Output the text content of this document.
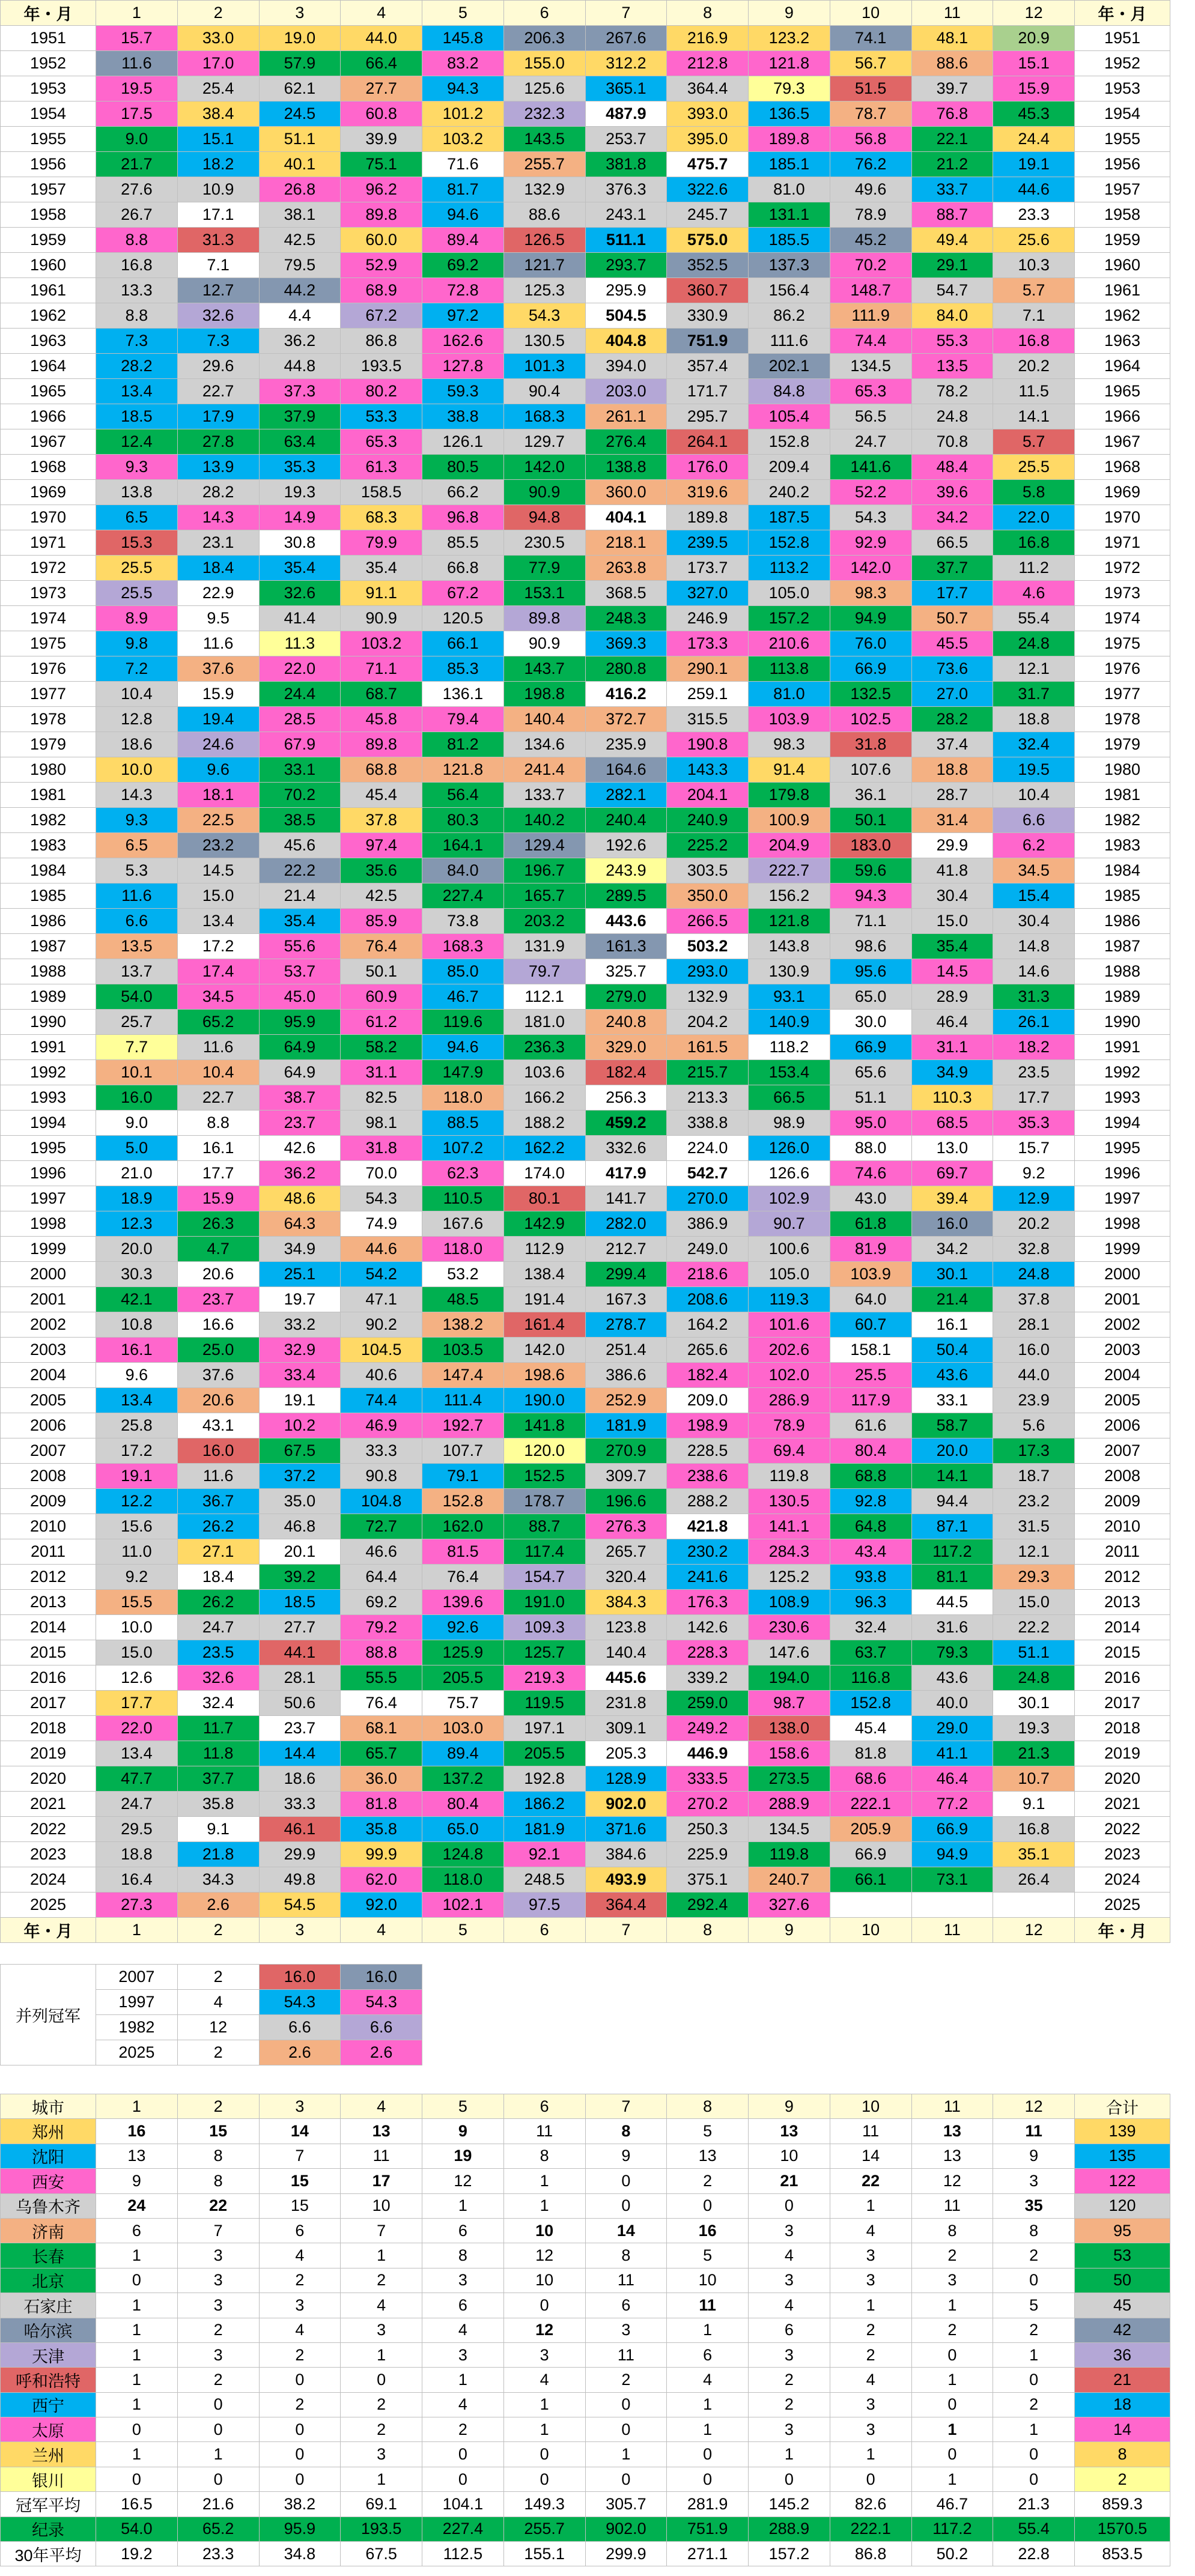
年・月	1	2	3	4	5	6	7	8	9	10	11	12	年・月
1951	15.7	33.0	19.0	44.0	145.8	206.3	267.6	216.9	123.2	74.1	48.1	20.9	1951
1952	11.6	17.0	57.9	66.4	83.2	155.0	312.2	212.8	121.8	56.7	88.6	15.1	1952
1953	19.5	25.4	62.1	27.7	94.3	125.6	365.1	364.4	79.3	51.5	39.7	15.9	1953
1954	17.5	38.4	24.5	60.8	101.2	232.3	487.9	393.0	136.5	78.7	76.8	45.3	1954
1955	9.0	15.1	51.1	39.9	103.2	143.5	253.7	395.0	189.8	56.8	22.1	24.4	1955
1956	21.7	18.2	40.1	75.1	71.6	255.7	381.8	475.7	185.1	76.2	21.2	19.1	1956
1957	27.6	10.9	26.8	96.2	81.7	132.9	376.3	322.6	81.0	49.6	33.7	44.6	1957
1958	26.7	17.1	38.1	89.8	94.6	88.6	243.1	245.7	131.1	78.9	88.7	23.3	1958
1959	8.8	31.3	42.5	60.0	89.4	126.5	511.1	575.0	185.5	45.2	49.4	25.6	1959
1960	16.8	7.1	79.5	52.9	69.2	121.7	293.7	352.5	137.3	70.2	29.1	10.3	1960
1961	13.3	12.7	44.2	68.9	72.8	125.3	295.9	360.7	156.4	148.7	54.7	5.7	1961
1962	8.8	32.6	4.4	67.2	97.2	54.3	504.5	330.9	86.2	111.9	84.0	7.1	1962
1963	7.3	7.3	36.2	86.8	162.6	130.5	404.8	751.9	111.6	74.4	55.3	16.8	1963
1964	28.2	29.6	44.8	193.5	127.8	101.3	394.0	357.4	202.1	134.5	13.5	20.2	1964
1965	13.4	22.7	37.3	80.2	59.3	90.4	203.0	171.7	84.8	65.3	78.2	11.5	1965
1966	18.5	17.9	37.9	53.3	38.8	168.3	261.1	295.7	105.4	56.5	24.8	14.1	1966
1967	12.4	27.8	63.4	65.3	126.1	129.7	276.4	264.1	152.8	24.7	70.8	5.7	1967
1968	9.3	13.9	35.3	61.3	80.5	142.0	138.8	176.0	209.4	141.6	48.4	25.5	1968
1969	13.8	28.2	19.3	158.5	66.2	90.9	360.0	319.6	240.2	52.2	39.6	5.8	1969
1970	6.5	14.3	14.9	68.3	96.8	94.8	404.1	189.8	187.5	54.3	34.2	22.0	1970
1971	15.3	23.1	30.8	79.9	85.5	230.5	218.1	239.5	152.8	92.9	66.5	16.8	1971
1972	25.5	18.4	35.4	35.4	66.8	77.9	263.8	173.7	113.2	142.0	37.7	11.2	1972
1973	25.5	22.9	32.6	91.1	67.2	153.1	368.5	327.0	105.0	98.3	17.7	4.6	1973
1974	8.9	9.5	41.4	90.9	120.5	89.8	248.3	246.9	157.2	94.9	50.7	55.4	1974
1975	9.8	11.6	11.3	103.2	66.1	90.9	369.3	173.3	210.6	76.0	45.5	24.8	1975
1976	7.2	37.6	22.0	71.1	85.3	143.7	280.8	290.1	113.8	66.9	73.6	12.1	1976
1977	10.4	15.9	24.4	68.7	136.1	198.8	416.2	259.1	81.0	132.5	27.0	31.7	1977
1978	12.8	19.4	28.5	45.8	79.4	140.4	372.7	315.5	103.9	102.5	28.2	18.8	1978
1979	18.6	24.6	67.9	89.8	81.2	134.6	235.9	190.8	98.3	31.8	37.4	32.4	1979
1980	10.0	9.6	33.1	68.8	121.8	241.4	164.6	143.3	91.4	107.6	18.8	19.5	1980
1981	14.3	18.1	70.2	45.4	56.4	133.7	282.1	204.1	179.8	36.1	28.7	10.4	1981
1982	9.3	22.5	38.5	37.8	80.3	140.2	240.4	240.9	100.9	50.1	31.4	6.6	1982
1983	6.5	23.2	45.6	97.4	164.1	129.4	192.6	225.2	204.9	183.0	29.9	6.2	1983
1984	5.3	14.5	22.2	35.6	84.0	196.7	243.9	303.5	222.7	59.6	41.8	34.5	1984
1985	11.6	15.0	21.4	42.5	227.4	165.7	289.5	350.0	156.2	94.3	30.4	15.4	1985
1986	6.6	13.4	35.4	85.9	73.8	203.2	443.6	266.5	121.8	71.1	15.0	30.4	1986
1987	13.5	17.2	55.6	76.4	168.3	131.9	161.3	503.2	143.8	98.6	35.4	14.8	1987
1988	13.7	17.4	53.7	50.1	85.0	79.7	325.7	293.0	130.9	95.6	14.5	14.6	1988
1989	54.0	34.5	45.0	60.9	46.7	112.1	279.0	132.9	93.1	65.0	28.9	31.3	1989
1990	25.7	65.2	95.9	61.2	119.6	181.0	240.8	204.2	140.9	30.0	46.4	26.1	1990
1991	7.7	11.6	64.9	58.2	94.6	236.3	329.0	161.5	118.2	66.9	31.1	18.2	1991
1992	10.1	10.4	64.9	31.1	147.9	103.6	182.4	215.7	153.4	65.6	34.9	23.5	1992
1993	16.0	22.7	38.7	82.5	118.0	166.2	256.3	213.3	66.5	51.1	110.3	17.7	1993
1994	9.0	8.8	23.7	98.1	88.5	188.2	459.2	338.8	98.9	95.0	68.5	35.3	1994
1995	5.0	16.1	42.6	31.8	107.2	162.2	332.6	224.0	126.0	88.0	13.0	15.7	1995
1996	21.0	17.7	36.2	70.0	62.3	174.0	417.9	542.7	126.6	74.6	69.7	9.2	1996
1997	18.9	15.9	48.6	54.3	110.5	80.1	141.7	270.0	102.9	43.0	39.4	12.9	1997
1998	12.3	26.3	64.3	74.9	167.6	142.9	282.0	386.9	90.7	61.8	16.0	20.2	1998
1999	20.0	4.7	34.9	44.6	118.0	112.9	212.7	249.0	100.6	81.9	34.2	32.8	1999
2000	30.3	20.6	25.1	54.2	53.2	138.4	299.4	218.6	105.0	103.9	30.1	24.8	2000
2001	42.1	23.7	19.7	47.1	48.5	191.4	167.3	208.6	119.3	64.0	21.4	37.8	2001
2002	10.8	16.6	33.2	90.2	138.2	161.4	278.7	164.2	101.6	60.7	16.1	28.1	2002
2003	16.1	25.0	32.9	104.5	103.5	142.0	251.4	265.6	202.6	158.1	50.4	16.0	2003
2004	9.6	37.6	33.4	40.6	147.4	198.6	386.6	182.4	102.0	25.5	43.6	44.0	2004
2005	13.4	20.6	19.1	74.4	111.4	190.0	252.9	209.0	286.9	117.9	33.1	23.9	2005
2006	25.8	43.1	10.2	46.9	192.7	141.8	181.9	198.9	78.9	61.6	58.7	5.6	2006
2007	17.2	16.0	67.5	33.3	107.7	120.0	270.9	228.5	69.4	80.4	20.0	17.3	2007
2008	19.1	11.6	37.2	90.8	79.1	152.5	309.7	238.6	119.8	68.8	14.1	18.7	2008
2009	12.2	36.7	35.0	104.8	152.8	178.7	196.6	288.2	130.5	92.8	94.4	23.2	2009
2010	15.6	26.2	46.8	72.7	162.0	88.7	276.3	421.8	141.1	64.8	87.1	31.5	2010
2011	11.0	27.1	20.1	46.6	81.5	117.4	265.7	230.2	284.3	43.4	117.2	12.1	2011
2012	9.2	18.4	39.2	64.4	76.4	154.7	320.4	241.6	125.2	93.8	81.1	29.3	2012
2013	15.5	26.2	18.5	69.2	139.6	191.0	384.3	176.3	108.9	96.3	44.5	15.0	2013
2014	10.0	24.7	27.7	79.2	92.6	109.3	123.8	142.6	230.6	32.4	31.6	22.2	2014
2015	15.0	23.5	44.1	88.8	125.9	125.7	140.4	228.3	147.6	63.7	79.3	51.1	2015
2016	12.6	32.6	28.1	55.5	205.5	219.3	445.6	339.2	194.0	116.8	43.6	24.8	2016
2017	17.7	32.4	50.6	76.4	75.7	119.5	231.8	259.0	98.7	152.8	40.0	30.1	2017
2018	22.0	11.7	23.7	68.1	103.0	197.1	309.1	249.2	138.0	45.4	29.0	19.3	2018
2019	13.4	11.8	14.4	65.7	89.4	205.5	205.3	446.9	158.6	81.8	41.1	21.3	2019
2020	47.7	37.7	18.6	36.0	137.2	192.8	128.9	333.5	273.5	68.6	46.4	10.7	2020
2021	24.7	35.8	33.3	81.8	80.4	186.2	902.0	270.2	288.9	222.1	77.2	9.1	2021
2022	29.5	9.1	46.1	35.8	65.0	181.9	371.6	250.3	134.5	205.9	66.9	16.8	2022
2023	18.8	21.8	29.9	99.9	124.8	92.1	384.6	225.9	119.8	66.9	94.9	35.1	2023
2024	16.4	34.3	49.8	62.0	118.0	248.5	493.9	375.1	240.7	66.1	73.1	26.4	2024
2025	27.3	2.6	54.5	92.0	102.1	97.5	364.4	292.4	327.6				2025
年・月	1	2	3	4	5	6	7	8	9	10	11	12	年・月
并列冠军	2007	2	16.0	16.0
	1997	4	54.3	54.3
	1982	12	6.6	6.6
	2025	2	2.6	2.6
城市	1	2	3	4	5	6	7	8	9	10	11	12	合计
郑州	16	15	14	13	9	11	8	5	13	11	13	11	139
沈阳	13	8	7	11	19	8	9	13	10	14	13	9	135
西安	9	8	15	17	12	1	0	2	21	22	12	3	122
乌鲁木齐	24	22	15	10	1	1	0	0	0	1	11	35	120
济南	6	7	6	7	6	10	14	16	3	4	8	8	95
长春	1	3	4	1	8	12	8	5	4	3	2	2	53
北京	0	3	2	2	3	10	11	10	3	3	3	0	50
石家庄	1	3	3	4	6	0	6	11	4	1	1	5	45
哈尔滨	1	2	4	3	4	12	3	1	6	2	2	2	42
天津	1	3	2	1	3	3	11	6	3	2	0	1	36
呼和浩特	1	2	0	0	1	4	2	4	2	4	1	0	21
西宁	1	0	2	2	4	1	0	1	2	3	0	2	18
太原	0	0	0	2	2	1	0	1	3	3	1	1	14
兰州	1	1	0	3	0	0	1	0	1	1	0	0	8
银川	0	0	0	1	0	0	0	0	0	0	1	0	2
冠军平均	16.5	21.6	38.2	69.1	104.1	149.3	305.7	281.9	145.2	82.6	46.7	21.3	859.3
纪录	54.0	65.2	95.9	193.5	227.4	255.7	902.0	751.9	288.9	222.1	117.2	55.4	1570.5
30年平均	19.2	23.3	34.8	67.5	112.5	155.1	299.9	271.1	157.2	86.8	50.2	22.8	853.5
